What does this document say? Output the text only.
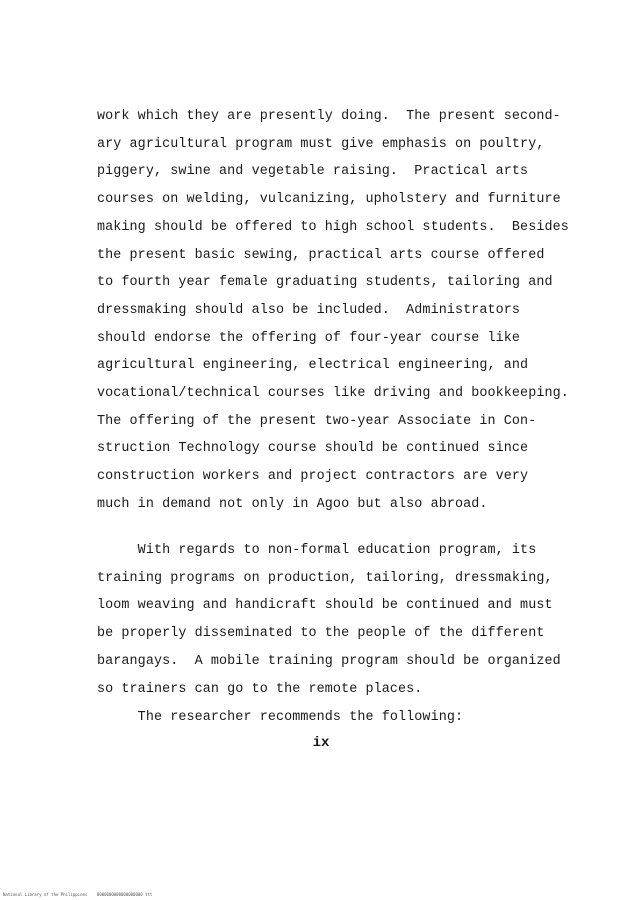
work which they are presently doing.  The present second-
ary agricultural program must give emphasis on poultry,
piggery, swine and vegetable raising.  Practical arts
courses on welding, vulcanizing, upholstery and furniture
making should be offered to high school students.  Besides
the present basic sewing, practical arts course offered
to fourth year female graduating students, tailoring and
dressmaking should also be included.  Administrators
should endorse the offering of four-year course like
agricultural engineering, electrical engineering, and
vocational/technical courses like driving and bookkeeping.
The offering of the present two-year Associate in Con-
struction Technology course should be continued since
construction workers and project contractors are very
much in demand not only in Agoo but also abroad.
With regards to non-formal education program, its
training programs on production, tailoring, dressmaking,
loom weaving and handicraft should be continued and must
be properly disseminated to the people of the different
barangays.  A mobile training program should be organized
so trainers can go to the remote places.
The researcher recommends the following:
ix
National Library of the Philippines    0000000000000000000 ttt
